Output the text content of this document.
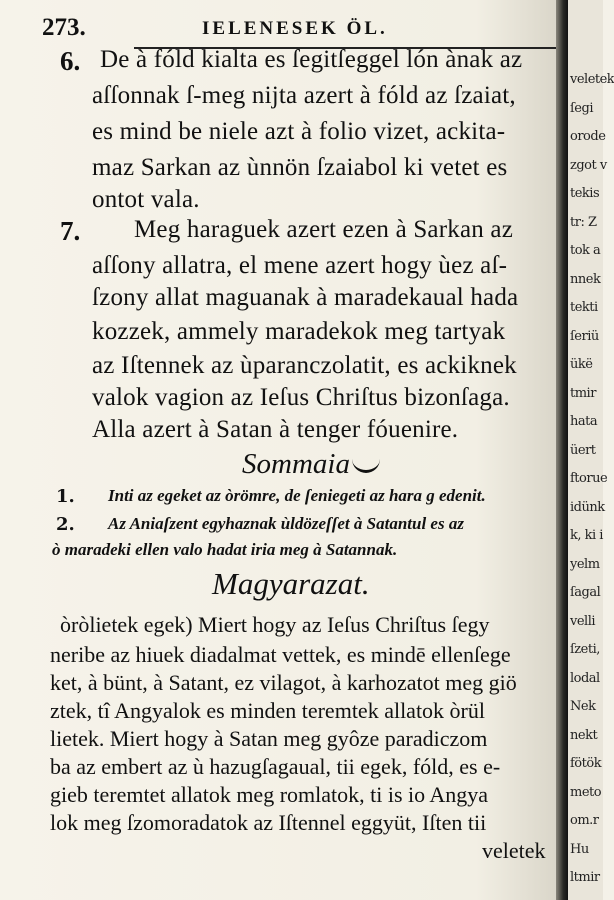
273.	IELENESEK ÖL.
6. De à fóld kialta es ſegitſeggel lón ànak az
aſſonnak ſ-meg nijta azert à fóld az ſzaiat,
es mind be niele azt à folio vizet, ackita-
maz Sarkan az ùnnön ſzaiabol ki vetet es
ontot vala.
7. Meg haraguek azert ezen à Sarkan az
aſſony allatra, el mene azert hogy ùez aſ-
ſzony allat maguanak à maradekaual hada
kozzek, ammely maradekok meg tartyak
az Iſtennek az ùparanczolatit, es ackiknek
valok vagion az Ieſus Chriſtus bizonſaga.
Alla azert à Satan à tenger fóuenire.
Sommaia
1. Inti az egeket az òrömre, de ſeniegeti az hara g edenit.
2. Az Aniaſzent egyhaznak ùldözeſſet à Satantul es az
ò maradeki ellen valo hadat iria meg à Satannak.
Magyarazat.
òròlietek egek) Miert hogy az Ieſus Chriſtus ſegy
neribe az hiuek diadalmat vettek, es mindē ellenſege
ket, à bünt, à Satant, ez vilagot, à karhozatot meg giö
ztek, tî Angyalok es minden teremtek allatok òrül
lietek. Miert hogy à Satan meg gyôze paradiczom
ba az embert az ù hazugſagaual, tii egek, fóld, es e-
gieb teremtet allatok meg romlatok, ti is io Angya
lok meg ſzomoradatok az Iſtennel eggyüt, Iſten tii
veletek
veletek
ſegi
orode
zgot v
tekis
tr: Z
tok a
nnek
tekti
ſeriü
ükë
tmir
hata
üert
ftorue
idünk
k, ki i
yelm
ſagal
velli
ſzeti,
lodal
Nek
nekt
fötök
meto
om.r
Hu
ltmir
